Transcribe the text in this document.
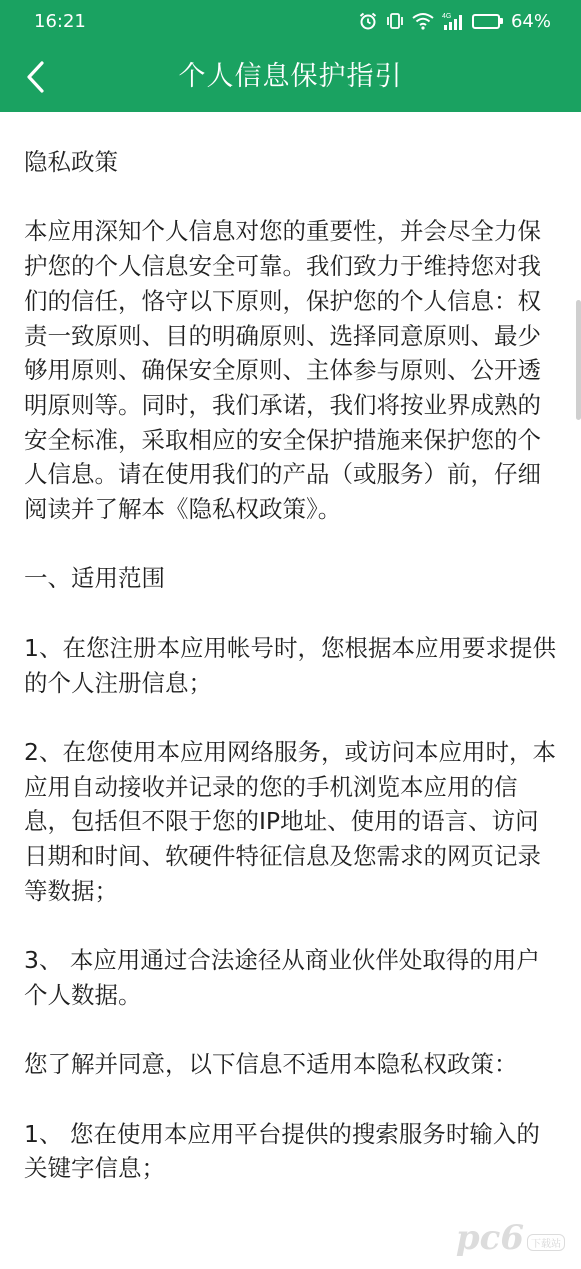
16:21	4G	64%
个人信息保护指引

隐私政策

本应用深知个人信息对您的重要性，并会尽全力保护您的个人信息安全可靠。我们致力于维持您对我们的信任，恪守以下原则，保护您的个人信息：权责一致原则、目的明确原则、选择同意原则、最少够用原则、确保安全原则、主体参与原则、公开透明原则等。同时，我们承诺，我们将按业界成熟的安全标准，采取相应的安全保护措施来保护您的个人信息。请在使用我们的产品（或服务）前，仔细阅读并了解本《隐私权政策》。

一、适用范围

1、在您注册本应用帐号时，您根据本应用要求提供的个人注册信息；

2、在您使用本应用网络服务，或访问本应用时，本应用自动接收并记录的您的手机浏览本应用的信息，包括但不限于您的IP地址、使用的语言、访问日期和时间、软硬件特征信息及您需求的网页记录等数据；

3、 本应用通过合法途径从商业伙伴处取得的用户个人数据。

您了解并同意，以下信息不适用本隐私权政策：

1、 您在使用本应用平台提供的搜索服务时输入的关键字信息；

pc6 下载站
